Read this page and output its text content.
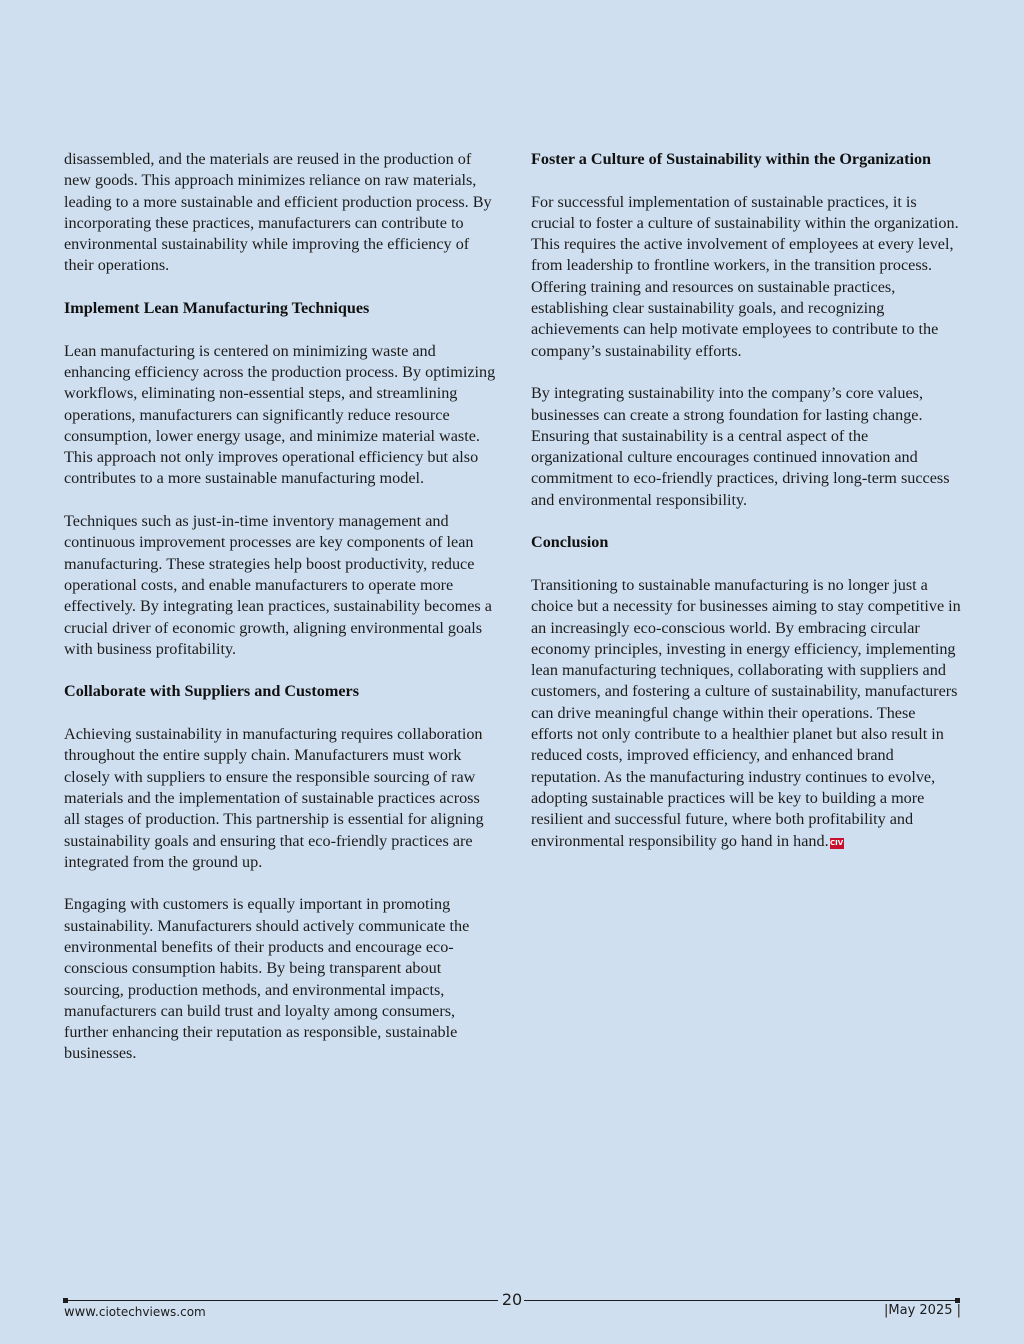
disassembled, and the materials are reused in the production of new goods. This approach minimizes reliance on raw materials, leading to a more sustainable and efficient production process. By incorporating these practices, manufacturers can contribute to environmental sustainability while improving the efficiency of their operations.

Implement Lean Manufacturing Techniques

Lean manufacturing is centered on minimizing waste and enhancing efficiency across the production process. By optimizing workflows, eliminating non-essential steps, and streamlining operations, manufacturers can significantly reduce resource consumption, lower energy usage, and minimize material waste. This approach not only improves operational efficiency but also contributes to a more sustainable manufacturing model.

Techniques such as just-in-time inventory management and continuous improvement processes are key components of lean manufacturing. These strategies help boost productivity, reduce operational costs, and enable manufacturers to operate more effectively. By integrating lean practices, sustainability becomes a crucial driver of economic growth, aligning environmental goals with business profitability.

Collaborate with Suppliers and Customers

Achieving sustainability in manufacturing requires collaboration throughout the entire supply chain. Manufacturers must work closely with suppliers to ensure the responsible sourcing of raw materials and the implementation of sustainable practices across all stages of production. This partnership is essential for aligning sustainability goals and ensuring that eco-friendly practices are integrated from the ground up.

Engaging with customers is equally important in promoting sustainability. Manufacturers should actively communicate the environmental benefits of their products and encourage eco-conscious consumption habits. By being transparent about sourcing, production methods, and environmental impacts, manufacturers can build trust and loyalty among consumers, further enhancing their reputation as responsible, sustainable businesses.

Foster a Culture of Sustainability within the Organization

For successful implementation of sustainable practices, it is crucial to foster a culture of sustainability within the organization. This requires the active involvement of employees at every level, from leadership to frontline workers, in the transition process. Offering training and resources on sustainable practices, establishing clear sustainability goals, and recognizing achievements can help motivate employees to contribute to the company’s sustainability efforts.

By integrating sustainability into the company’s core values, businesses can create a strong foundation for lasting change. Ensuring that sustainability is a central aspect of the organizational culture encourages continued innovation and commitment to eco-friendly practices, driving long-term success and environmental responsibility.

Conclusion

Transitioning to sustainable manufacturing is no longer just a choice but a necessity for businesses aiming to stay competitive in an increasingly eco-conscious world. By embracing circular economy principles, investing in energy efficiency, implementing lean manufacturing techniques, collaborating with suppliers and customers, and fostering a culture of sustainability, manufacturers can drive meaningful change within their operations. These efforts not only contribute to a healthier planet but also result in reduced costs, improved efficiency, and enhanced brand reputation. As the manufacturing industry continues to evolve, adopting sustainable practices will be key to building a more resilient and successful future, where both profitability and environmental responsibility go hand in hand.CIV

20
www.ciotechviews.com	|May 2025 |
